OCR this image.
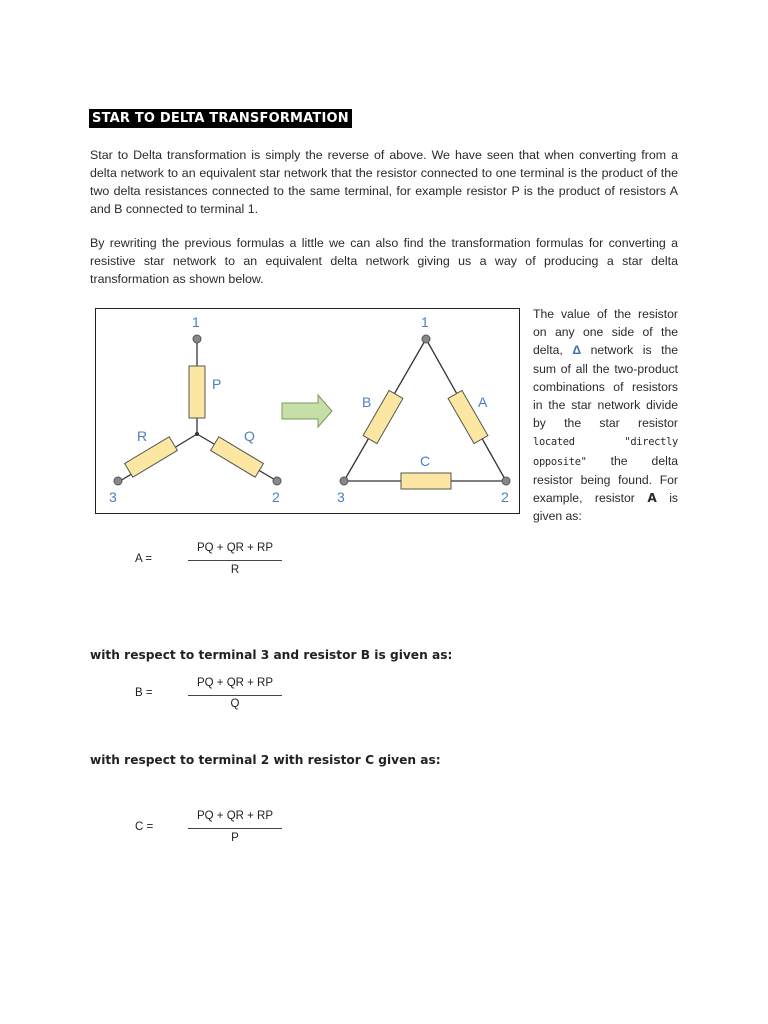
STAR TO DELTA TRANSFORMATION
Star to Delta transformation is simply the reverse of above. We have seen that when converting from a delta network to an equivalent star network that the resistor connected to one terminal is the product of the two delta resistances connected to the same terminal, for example resistor P is the product of resistors A and B connected to terminal 1.
By rewriting the previous formulas a little we can also find the transformation formulas for converting a resistive star network to an equivalent delta network giving us a way of producing a star delta transformation as shown below.
1
3	2
P
R	Q
1
3	2
B	A
C
The value of the resistor on any one side of the delta, Δ network is the sum of all the two-product combinations of resistors in the star network divide by the star resistor located "directly opposite" the delta resistor being found. For example, resistor A is given as:
A =
PQ + QR + RP
R
with respect to terminal 3 and resistor B is given as:
B =
PQ + QR + RP
Q
with respect to terminal 2 with resistor C given as:
C =
PQ + QR + RP
P
